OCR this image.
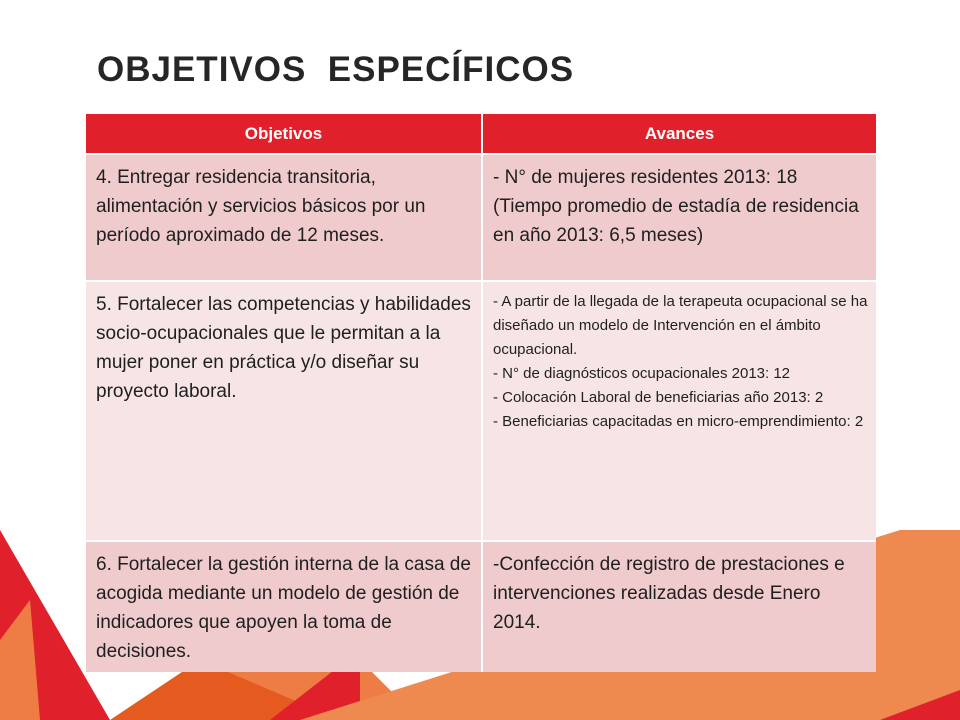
OBJETIVOS  ESPECÍFICOS
Objetivos	Avances
4. Entregar residencia transitoria, alimentación y servicios básicos por un período aproximado de 12 meses.	- N° de mujeres residentes 2013: 18 (Tiempo promedio de estadía de residencia en año 2013: 6,5 meses)

5. Fortalecer las competencias y habilidades socio-ocupacionales que le permitan a la mujer poner en práctica y/o diseñar su proyecto laboral.	- A partir de la llegada de la terapeuta ocupacional se ha diseñado un modelo de Intervención en el ámbito ocupacional.
- N° de diagnósticos ocupacionales 2013: 12
- Colocación Laboral de beneficiarias año 2013: 2
- Beneficiarias capacitadas en micro-emprendimiento: 2

6. Fortalecer la gestión interna de la casa de acogida mediante un modelo de gestión de indicadores que apoyen la toma de decisiones.	-Confección de registro de prestaciones e intervenciones realizadas desde Enero 2014.
